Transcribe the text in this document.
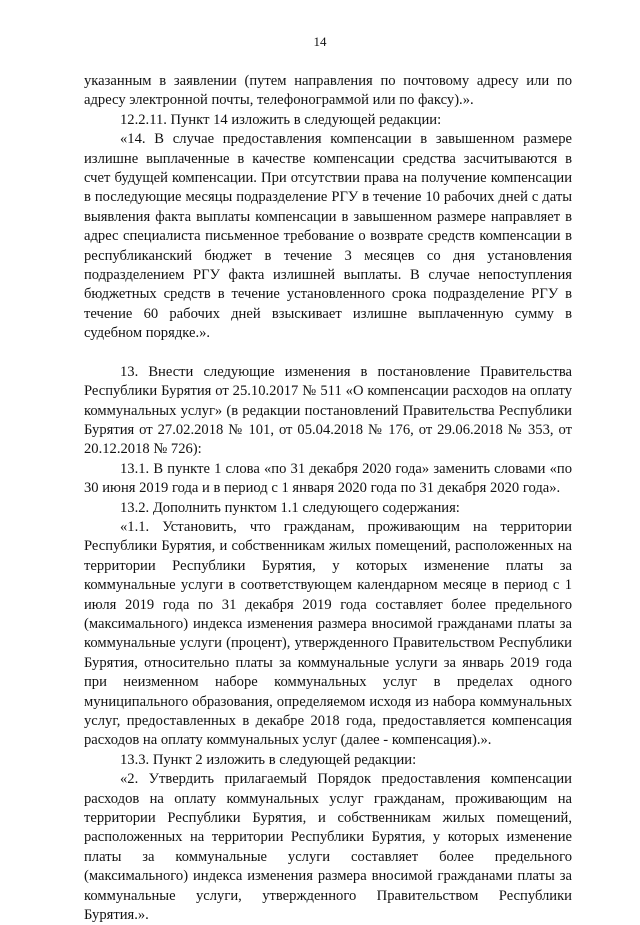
14

указанным в заявлении (путем направления по почтовому адресу или по адресу электронной почты, телефонограммой или по факсу).».

12.2.11. Пункт 14 изложить в следующей редакции:

«14. В случае предоставления компенсации в завышенном размере излишне выплаченные в качестве компенсации средства засчитываются в счет будущей компенсации. При отсутствии права на получение компенсации в последующие месяцы подразделение РГУ в течение 10 рабочих дней с даты выявления факта выплаты компенсации в завышенном размере направляет в адрес специалиста письменное требование о возврате средств компенсации в республиканский бюджет в течение 3 месяцев со дня установления подразделением РГУ факта излишней выплаты. В случае непоступления бюджетных средств в течение установленного срока подразделение РГУ в течение 60 рабочих дней взыскивает излишне выплаченную сумму в судебном порядке.».

13. Внести следующие изменения в постановление Правительства Республики Бурятия от 25.10.2017 № 511 «О компенсации расходов на оплату коммунальных услуг» (в редакции постановлений Правительства Республики Бурятия от 27.02.2018 № 101, от 05.04.2018 № 176, от 29.06.2018 № 353, от 20.12.2018 № 726):

13.1. В пункте 1 слова «по 31 декабря 2020 года» заменить словами «по 30 июня 2019 года и в период с 1 января 2020 года по 31 декабря 2020 года».

13.2. Дополнить пунктом 1.1 следующего содержания:

«1.1. Установить, что гражданам, проживающим на территории Республики Бурятия, и собственникам жилых помещений, расположенных на территории Республики Бурятия, у которых изменение платы за коммунальные услуги в соответствующем календарном месяце в период с 1 июля 2019 года по 31 декабря 2019 года составляет более предельного (максимального) индекса изменения размера вносимой гражданами платы за коммунальные услуги (процент), утвержденного Правительством Республики Бурятия, относительно платы за коммунальные услуги за январь 2019 года при неизменном наборе коммунальных услуг в пределах одного муниципального образования, определяемом исходя из набора коммунальных услуг, предоставленных в декабре 2018 года, предоставляется компенсация расходов на оплату коммунальных услуг (далее - компенсация).».

13.3. Пункт 2 изложить в следующей редакции:

«2. Утвердить прилагаемый Порядок предоставления компенсации расходов на оплату коммунальных услуг гражданам, проживающим на территории Республики Бурятия, и собственникам жилых помещений, расположенных на территории Республики Бурятия, у которых изменение платы за коммунальные услуги составляет более предельного (максимального) индекса изменения размера вносимой гражданами платы за коммунальные услуги, утвержденного Правительством Республики Бурятия.».
